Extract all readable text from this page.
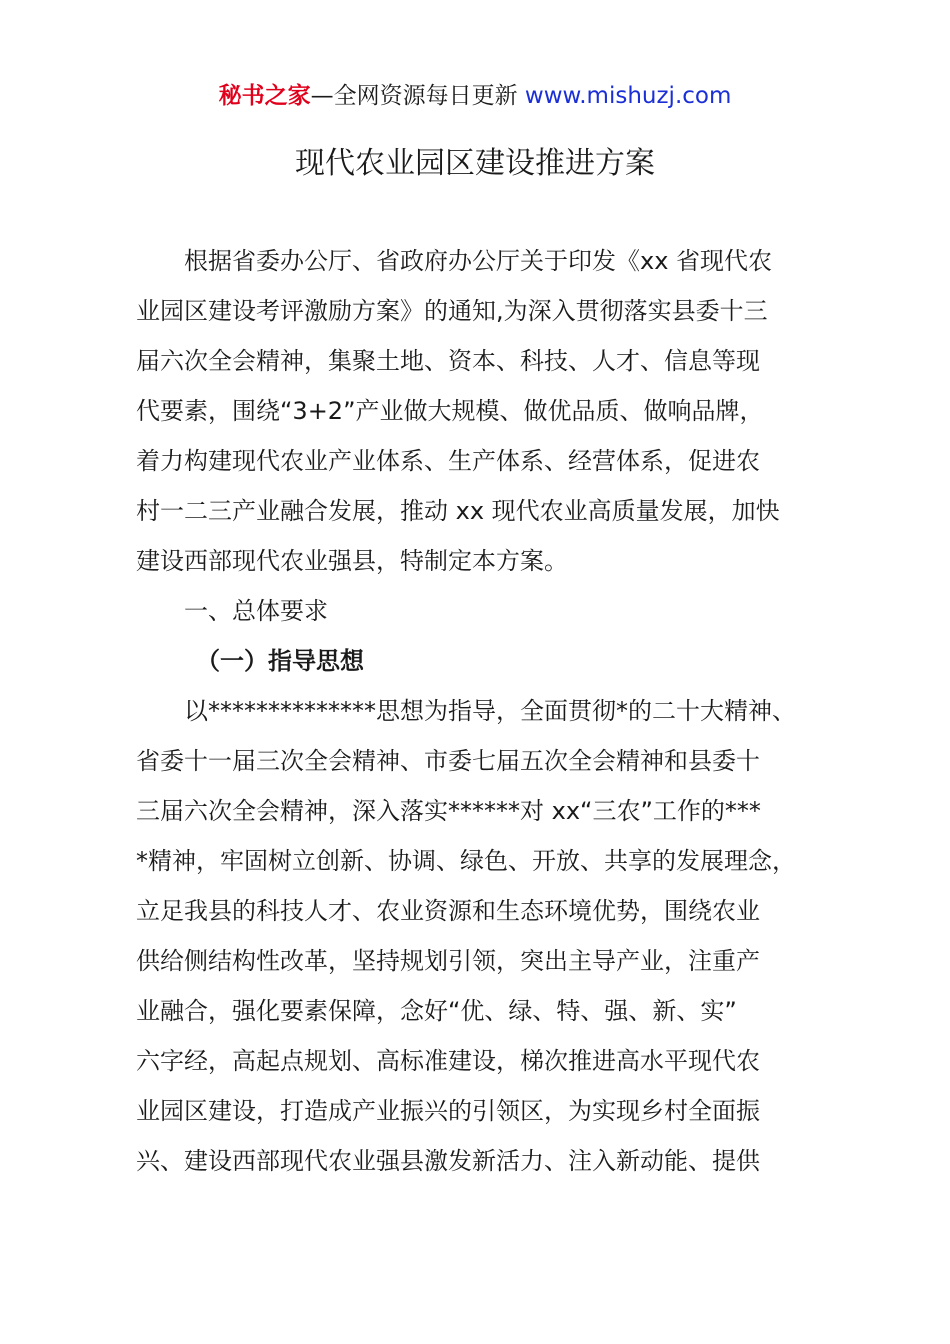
秘书之家—全网资源每日更新 www.mishuzj.com
现代农业园区建设推进方案
根据省委办公厅、省政府办公厅关于印发《xx 省现代农
业园区建设考评激励方案》的通知,为深入贯彻落实县委十三
届六次全会精神，集聚土地、资本、科技、人才、信息等现
代要素，围绕“3+2”产业做大规模、做优品质、做响品牌，
着力构建现代农业产业体系、生产体系、经营体系，促进农
村一二三产业融合发展，推动 xx 现代农业高质量发展，加快
建设西部现代农业强县，特制定本方案。
一、总体要求
（一）指导思想
以**************思想为指导，全面贯彻*的二十大精神、
省委十一届三次全会精神、市委七届五次全会精神和县委十
三届六次全会精神，深入落实******对 xx“三农”工作的***
*精神，牢固树立创新、协调、绿色、开放、共享的发展理念，
立足我县的科技人才、农业资源和生态环境优势，围绕农业
供给侧结构性改革，坚持规划引领，突出主导产业，注重产
业融合，强化要素保障，念好“优、绿、特、强、新、实”
六字经，高起点规划、高标准建设，梯次推进高水平现代农
业园区建设，打造成产业振兴的引领区，为实现乡村全面振
兴、建设西部现代农业强县激发新活力、注入新动能、提供
